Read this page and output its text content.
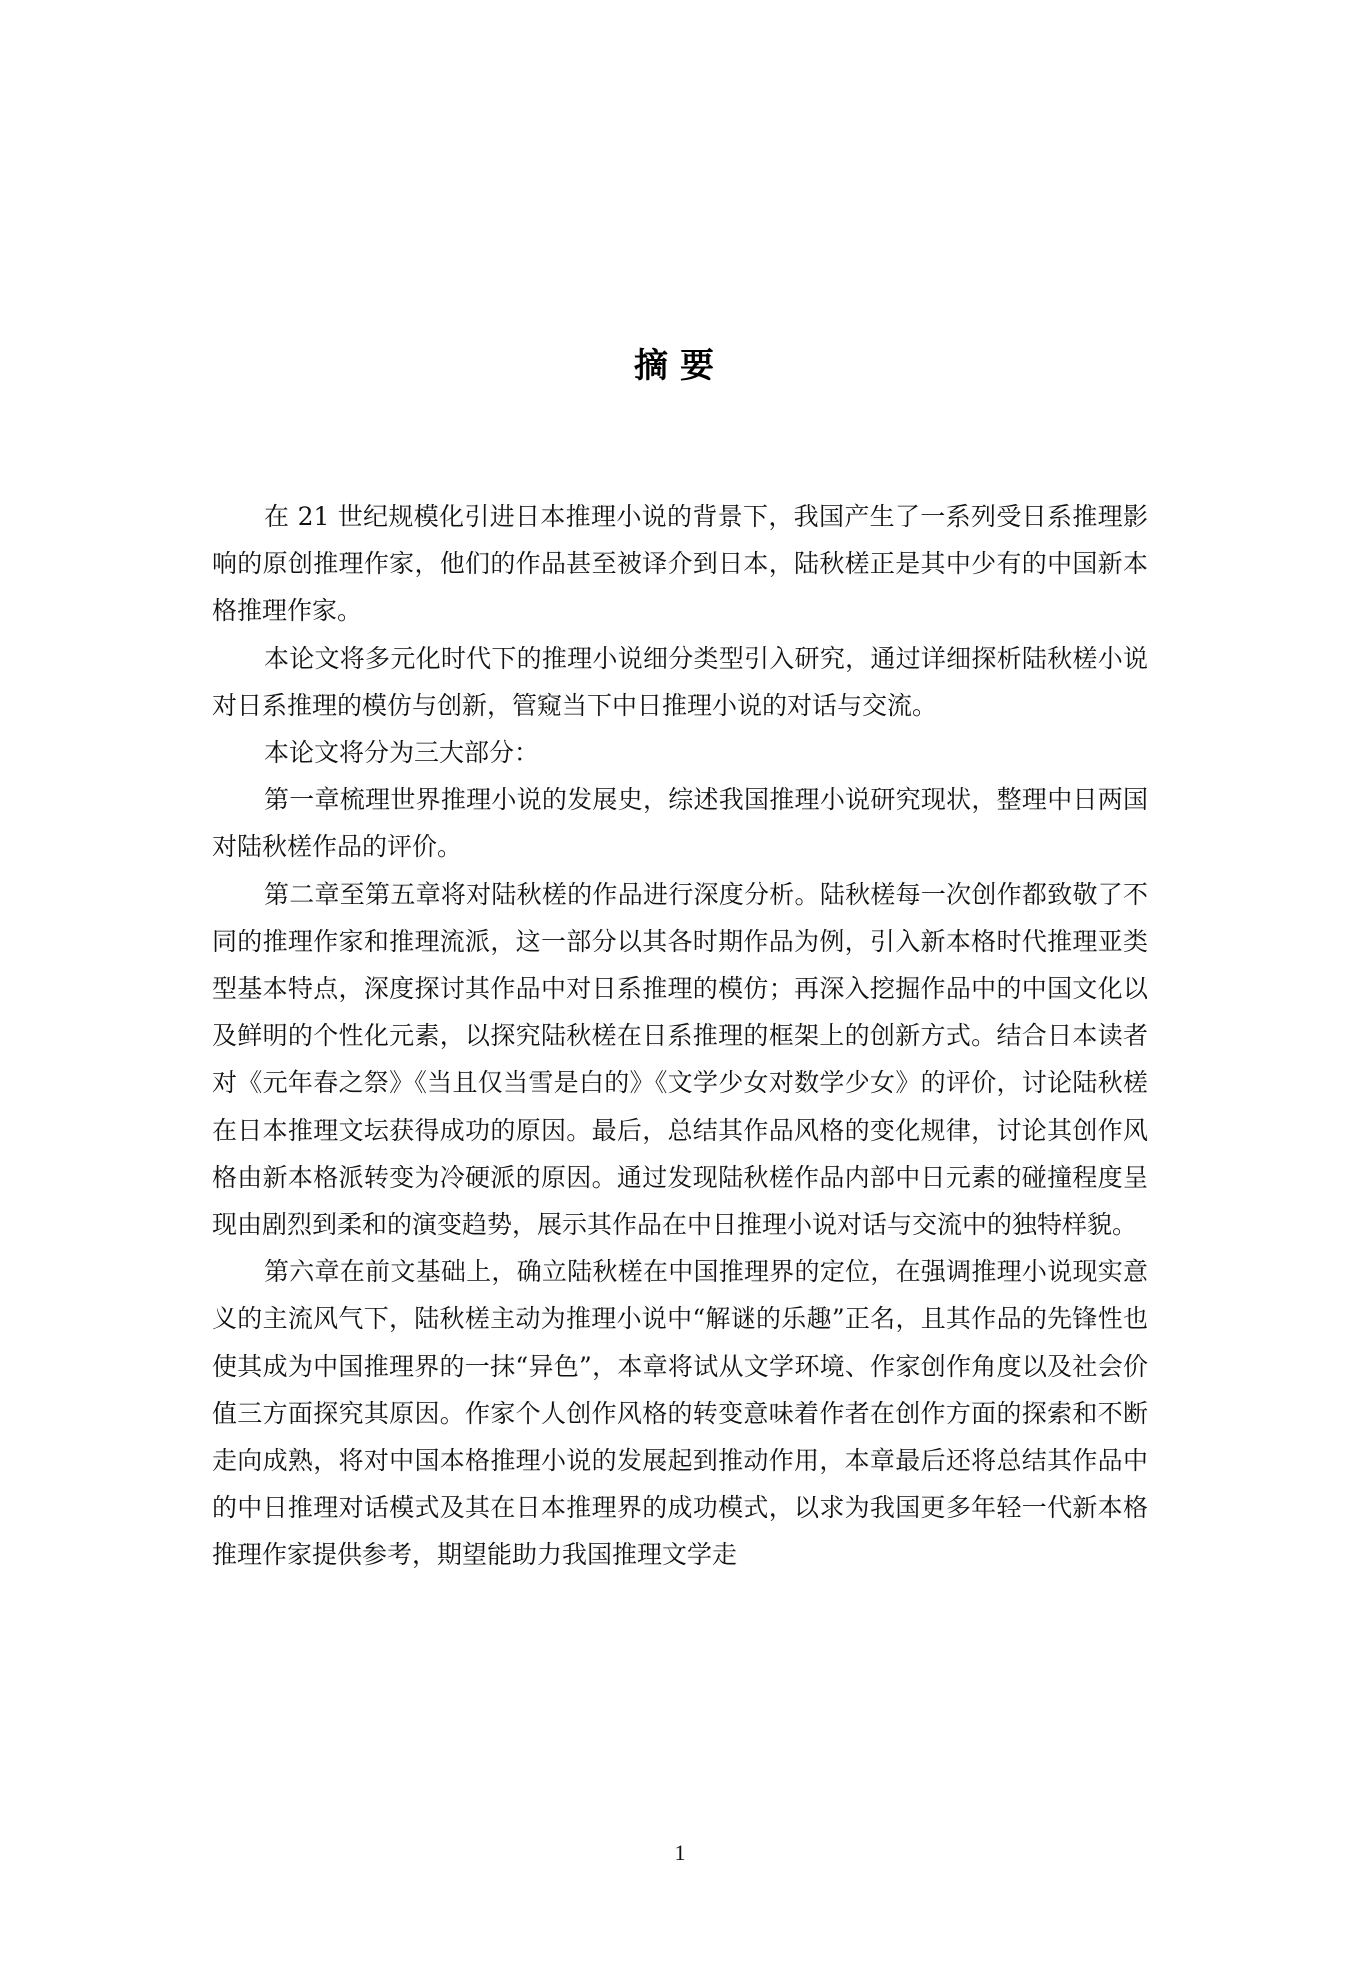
摘要

在 21 世纪规模化引进日本推理小说的背景下，我国产生了一系列受日系推理影响的原创推理作家，他们的作品甚至被译介到日本，陆秋槎正是其中少有的中国新本格推理作家。

本论文将多元化时代下的推理小说细分类型引入研究，通过详细探析陆秋槎小说对日系推理的模仿与创新，管窥当下中日推理小说的对话与交流。

本论文将分为三大部分：

第一章梳理世界推理小说的发展史，综述我国推理小说研究现状，整理中日两国对陆秋槎作品的评价。

第二章至第五章将对陆秋槎的作品进行深度分析。陆秋槎每一次创作都致敬了不同的推理作家和推理流派，这一部分以其各时期作品为例，引入新本格时代推理亚类型基本特点，深度探讨其作品中对日系推理的模仿；再深入挖掘作品中的中国文化以及鲜明的个性化元素，以探究陆秋槎在日系推理的框架上的创新方式。结合日本读者对《元年春之祭》《当且仅当雪是白的》《文学少女对数学少女》的评价，讨论陆秋槎在日本推理文坛获得成功的原因。最后，总结其作品风格的变化规律，讨论其创作风格由新本格派转变为冷硬派的原因。通过发现陆秋槎作品内部中日元素的碰撞程度呈现由剧烈到柔和的演变趋势，展示其作品在中日推理小说对话与交流中的独特样貌。

第六章在前文基础上，确立陆秋槎在中国推理界的定位，在强调推理小说现实意义的主流风气下，陆秋槎主动为推理小说中“解谜的乐趣”正名，且其作品的先锋性也使其成为中国推理界的一抹“异色”，本章将试从文学环境、作家创作角度以及社会价值三方面探究其原因。作家个人创作风格的转变意味着作者在创作方面的探索和不断走向成熟，将对中国本格推理小说的发展起到推动作用，本章最后还将总结其作品中的中日推理对话模式及其在日本推理界的成功模式，以求为我国更多年轻一代新本格推理作家提供参考，期望能助力我国推理文学走

1
